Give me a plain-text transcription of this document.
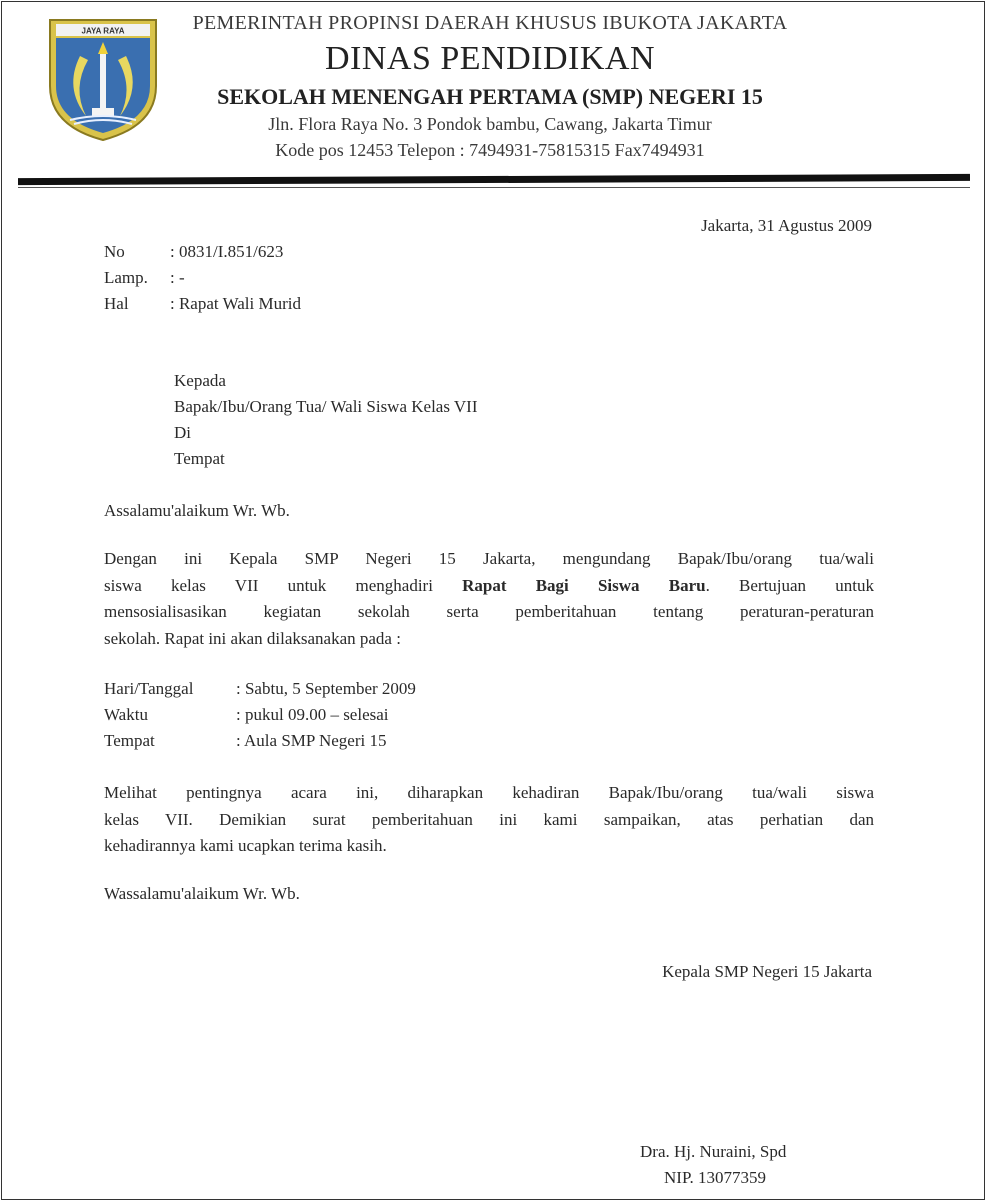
JAYA RAYA	PEMERINTAH PROPINSI DAERAH KHUSUS IBUKOTA JAKARTA

DINAS PENDIDIKAN

SEKOLAH MENENGAH PERTAMA (SMP) NEGERI 15

Jln. Flora Raya No. 3 Pondok bambu, Cawang, Jakarta Timur

Kode pos 12453 Telepon : 7494931-75815315 Fax7494931

Jakarta, 31 Agustus 2009

No	: 0831/I.851/623

Lamp. : -

Hal : Rapat Wali Murid

Kepada

Bapak/Ibu/Orang Tua/ Wali Siswa Kelas VII

Di

Tempat

Assalamu'alaikum Wr. Wb.

Dengan ini Kepala SMP Negeri 15 Jakarta, mengundang Bapak/Ibu/orang tua/wali
siswa kelas VII untuk menghadiri Rapat Bagi Siswa Baru. Bertujuan untuk
mensosialisasikan kegiatan sekolah serta pemberitahuan tentang peraturan-peraturan
sekolah. Rapat ini akan dilaksanakan pada :

Hari/Tanggal	: Sabtu, 5 September 2009

Waktu	: pukul 09.00 – selesai

Tempat	: Aula SMP Negeri 15

Melihat pentingnya acara ini, diharapkan kehadiran Bapak/Ibu/orang tua/wali siswa
kelas VII. Demikian surat pemberitahuan ini kami sampaikan, atas perhatian dan
kehadirannya kami ucapkan terima kasih.

Wassalamu'alaikum Wr. Wb.

Kepala SMP Negeri 15 Jakarta

Dra. Hj. Nuraini, Spd

NIP. 13077359
